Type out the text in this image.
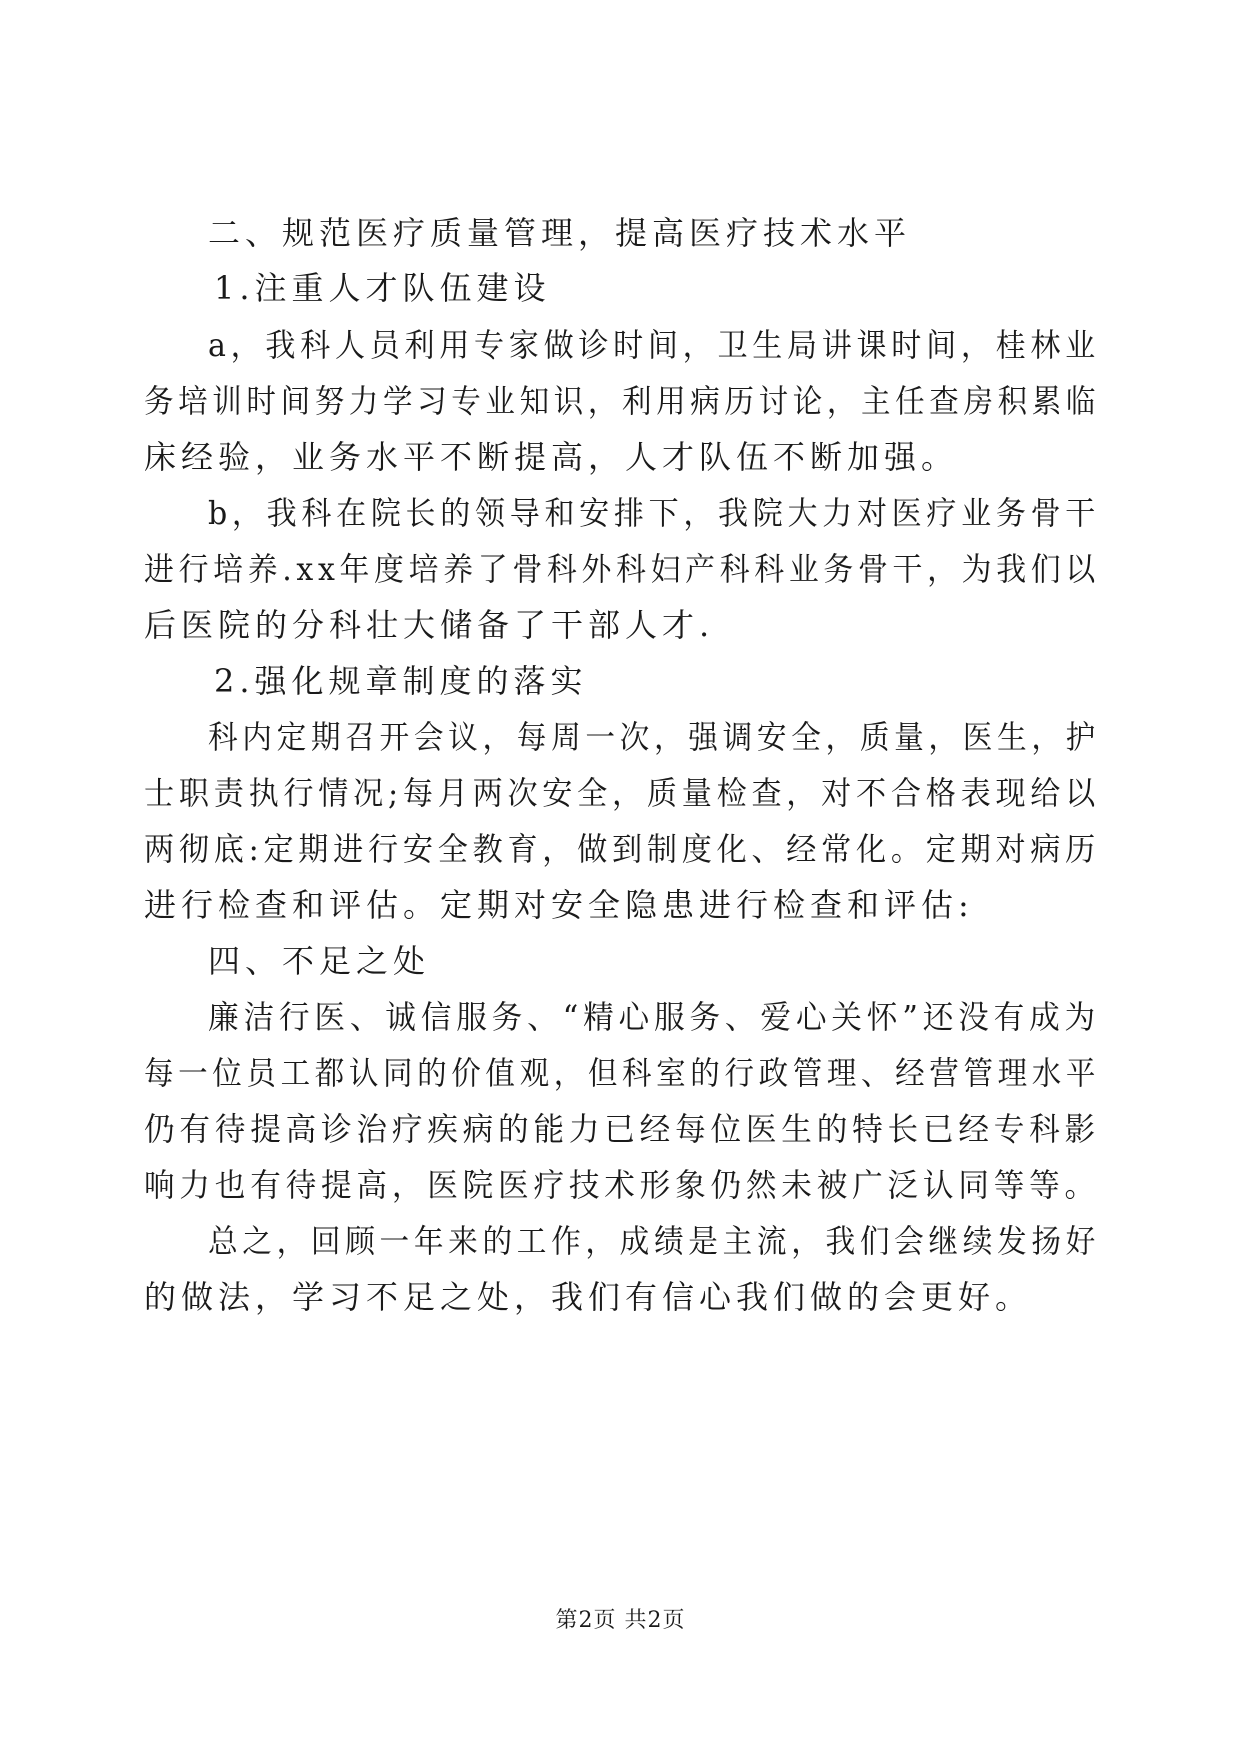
二、规范医疗质量管理，提高医疗技术水平
1.注重人才队伍建设
a，我科人员利用专家做诊时间，卫生局讲课时间，桂林业
务培训时间努力学习专业知识，利用病历讨论，主任查房积累临
床经验，业务水平不断提高，人才队伍不断加强。
b，我科在院长的领导和安排下，我院大力对医疗业务骨干
进行培养.xx年度培养了骨科外科妇产科科业务骨干，为我们以
后医院的分科壮大储备了干部人才.
2.强化规章制度的落实
科内定期召开会议，每周一次，强调安全，质量，医生，护
士职责执行情况;每月两次安全，质量检查，对不合格表现给以
两彻底:定期进行安全教育，做到制度化、经常化。定期对病历
进行检查和评估。定期对安全隐患进行检查和评估:
四、不足之处
廉洁行医、诚信服务、“精心服务、爱心关怀”还没有成为
每一位员工都认同的价值观，但科室的行政管理、经营管理水平
仍有待提高诊治疗疾病的能力已经每位医生的特长已经专科影
响力也有待提高，医院医疗技术形象仍然未被广泛认同等等。
总之，回顾一年来的工作，成绩是主流，我们会继续发扬好
的做法，学习不足之处，我们有信心我们做的会更好。
第2页 共2页
